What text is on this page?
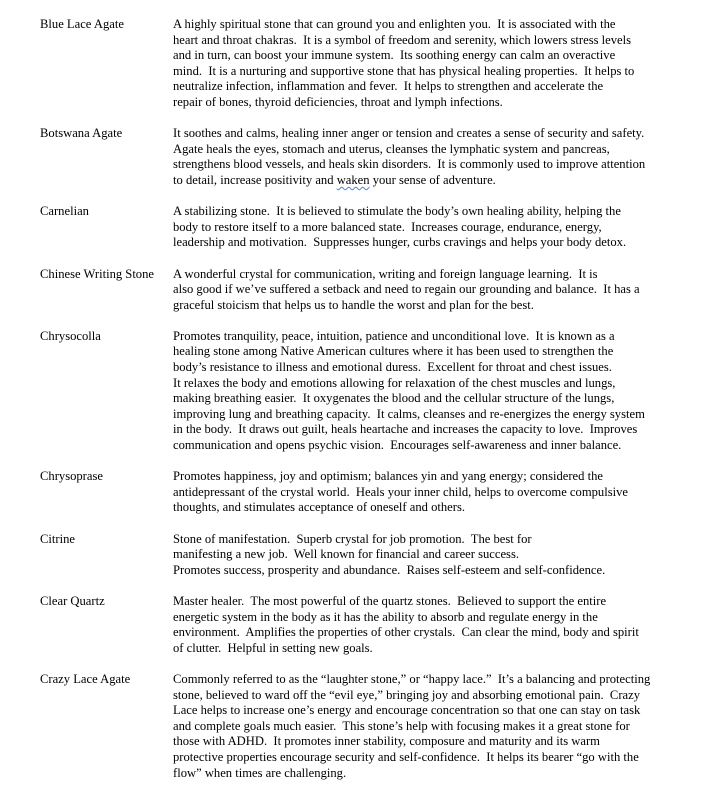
Blue Lace Agate	A highly spiritual stone that can ground you and enlighten you.  It is associated with the
heart and throat chakras.  It is a symbol of freedom and serenity, which lowers stress levels
and in turn, can boost your immune system.  Its soothing energy can calm an overactive
mind.  It is a nurturing and supportive stone that has physical healing properties.  It helps to
neutralize infection, inflammation and fever.  It helps to strengthen and accelerate the
repair of bones, thyroid deficiencies, throat and lymph infections.
Botswana Agate	It soothes and calms, healing inner anger or tension and creates a sense of security and safety.
Agate heals the eyes, stomach and uterus, cleanses the lymphatic system and pancreas,
strengthens blood vessels, and heals skin disorders.  It is commonly used to improve attention
to detail, increase positivity and waken your sense of adventure.
Carnelian	A stabilizing stone.  It is believed to stimulate the body’s own healing ability, helping the
body to restore itself to a more balanced state.  Increases courage, endurance, energy,
leadership and motivation.  Suppresses hunger, curbs cravings and helps your body detox.
Chinese Writing Stone	A wonderful crystal for communication, writing and foreign language learning.  It is
also good if we’ve suffered a setback and need to regain our grounding and balance.  It has a
graceful stoicism that helps us to handle the worst and plan for the best.
Chrysocolla	Promotes tranquility, peace, intuition, patience and unconditional love.  It is known as a
healing stone among Native American cultures where it has been used to strengthen the
body’s resistance to illness and emotional duress.  Excellent for throat and chest issues.
It relaxes the body and emotions allowing for relaxation of the chest muscles and lungs,
making breathing easier.  It oxygenates the blood and the cellular structure of the lungs,
improving lung and breathing capacity.  It calms, cleanses and re-energizes the energy system
in the body.  It draws out guilt, heals heartache and increases the capacity to love.  Improves
communication and opens psychic vision.  Encourages self-awareness and inner balance.
Chrysoprase	Promotes happiness, joy and optimism; balances yin and yang energy; considered the
antidepressant of the crystal world.  Heals your inner child, helps to overcome compulsive
thoughts, and stimulates acceptance of oneself and others.
Citrine	Stone of manifestation.  Superb crystal for job promotion.  The best for
manifesting a new job.  Well known for financial and career success.
Promotes success, prosperity and abundance.  Raises self-esteem and self-confidence.
Clear Quartz	Master healer.  The most powerful of the quartz stones.  Believed to support the entire
energetic system in the body as it has the ability to absorb and regulate energy in the
environment.  Amplifies the properties of other crystals.  Can clear the mind, body and spirit
of clutter.  Helpful in setting new goals.
Crazy Lace Agate	Commonly referred to as the “laughter stone,” or “happy lace.”  It’s a balancing and protecting
stone, believed to ward off the “evil eye,” bringing joy and absorbing emotional pain.  Crazy
Lace helps to increase one’s energy and encourage concentration so that one can stay on task
and complete goals much easier.  This stone’s help with focusing makes it a great stone for
those with ADHD.  It promotes inner stability, composure and maturity and its warm
protective properties encourage security and self-confidence.  It helps its bearer “go with the
flow” when times are challenging.
